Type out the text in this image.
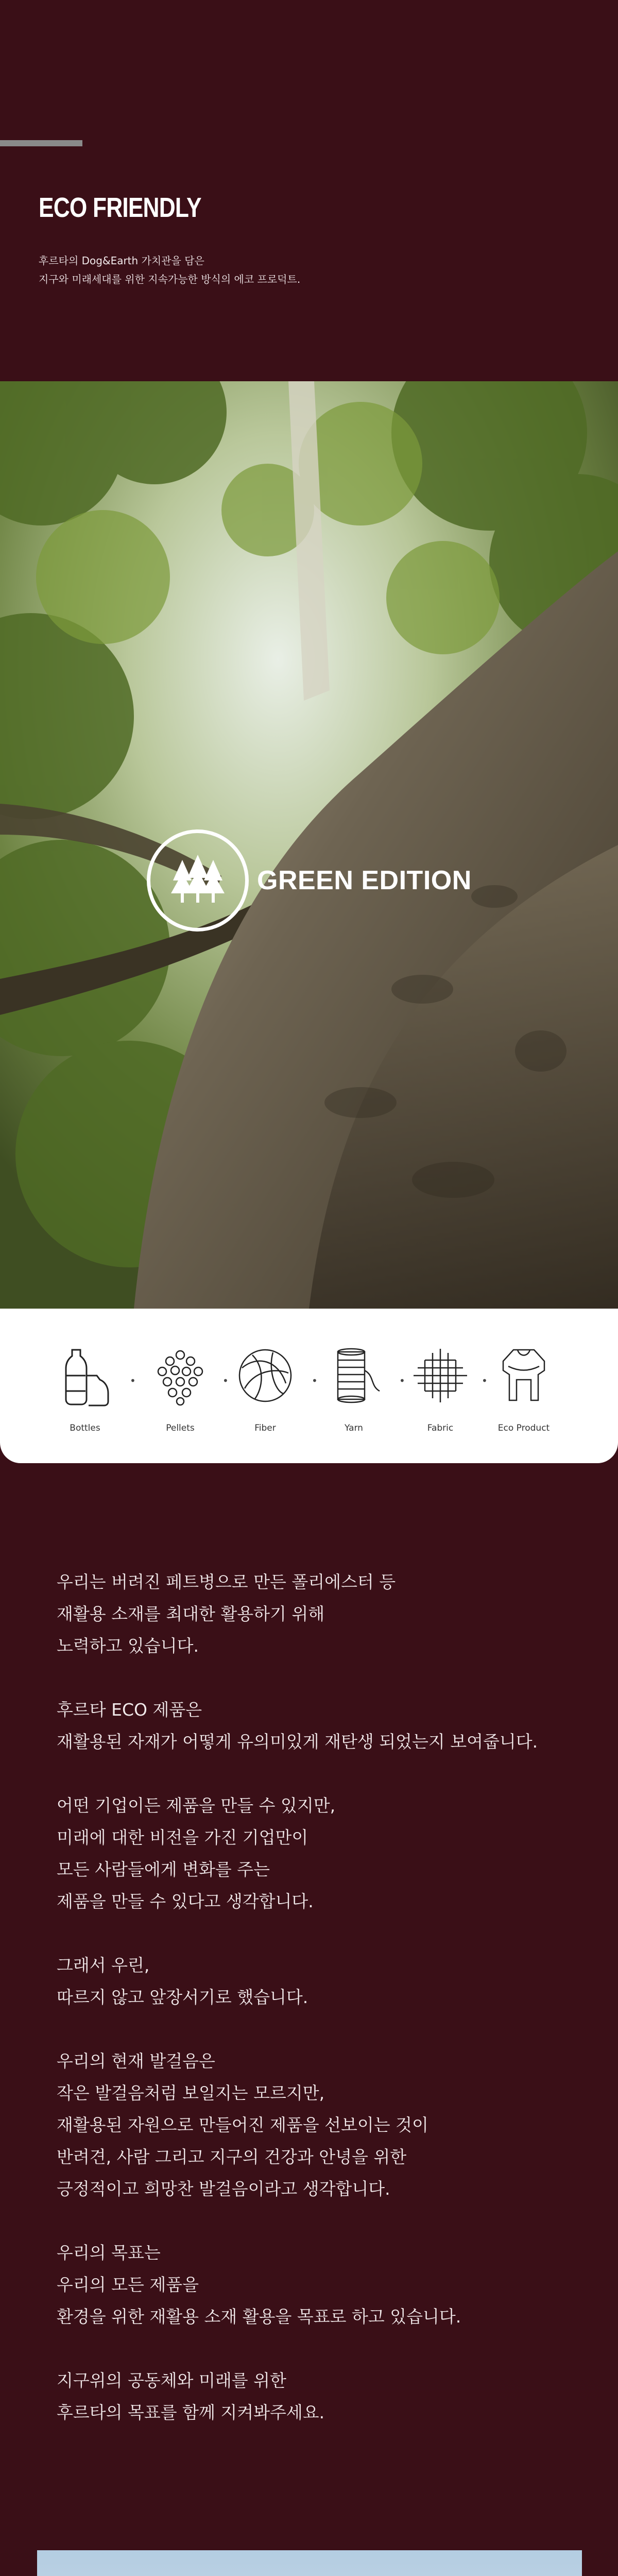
ECO FRIENDLY
후르타의 Dog&Earth 가치관을 담은
지구와 미래세대를 위한 지속가능한 방식의 에코 프로덕트.
GREEN EDITION
Bottles
•
Pellets
•
Fiber
•
Yarn
•
Fabric
•
Eco Product

우리는 버려진 페트병으로 만든 폴리에스터 등
재활용 소재를 최대한 활용하기 위해
노력하고 있습니다.

후르타 ECO 제품은
재활용된 자재가 어떻게 유의미있게 재탄생 되었는지 보여줍니다.

어떤 기업이든 제품을 만들 수 있지만,
미래에 대한 비전을 가진 기업만이
모든 사람들에게 변화를 주는
제품을 만들 수 있다고 생각합니다.

그래서 우린,
따르지 않고 앞장서기로 했습니다.

우리의 현재 발걸음은
작은 발걸음처럼 보일지는 모르지만,
재활용된 자원으로 만들어진 제품을 선보이는 것이
반려견, 사람 그리고 지구의 건강과 안녕을 위한
긍정적이고 희망찬 발걸음이라고 생각합니다.

우리의 목표는
우리의 모든 제품을
환경을 위한 재활용 소재 활용을 목표로 하고 있습니다.

지구위의 공동체와 미래를 위한
후르타의 목표를 함께 지켜봐주세요.
